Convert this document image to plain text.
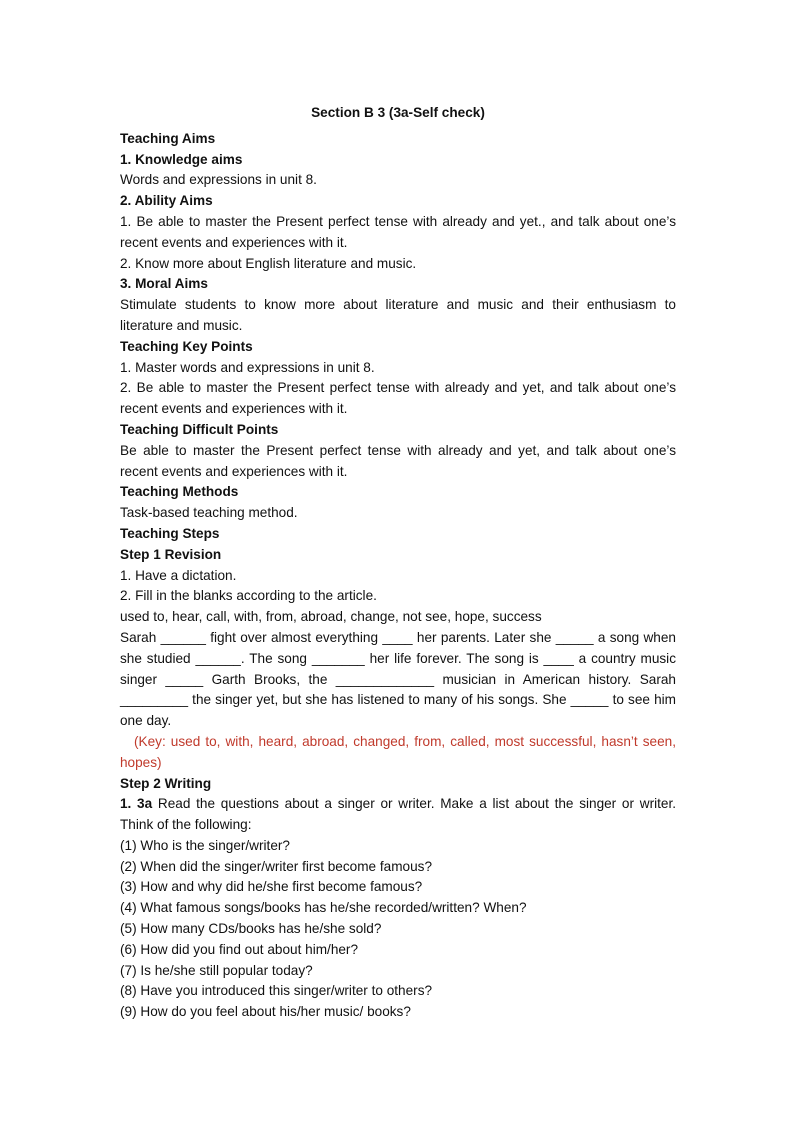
Section B 3 (3a-Self check)
Teaching Aims
1. Knowledge aims
Words and expressions in unit 8.
2. Ability Aims
1. Be able to master the Present perfect tense with already and yet., and talk about one’s recent events and experiences with it.
2. Know more about English literature and music.
3. Moral Aims
Stimulate students to know more about literature and music and their enthusiasm to literature and music.
Teaching Key Points
1. Master words and expressions in unit 8.
2. Be able to master the Present perfect tense with already and yet, and talk about one’s recent events and experiences with it.
Teaching Difficult Points
Be able to master the Present perfect tense with already and yet, and talk about one’s recent events and experiences with it.
Teaching Methods
Task-based teaching method.
Teaching Steps
Step 1 Revision
1. Have a dictation.
2. Fill in the blanks according to the article.
used to, hear, call, with, from, abroad, change, not see, hope, success
Sarah ______ fight over almost everything ____ her parents. Later she _____ a song when she studied ______. The song _______ her life forever. The song is ____ a country music singer _____ Garth Brooks, the _____________ musician in American history. Sarah _________ the singer yet, but she has listened to many of his songs. She _____ to see him one day.
(Key: used to, with, heard, abroad, changed, from, called, most successful, hasn’t seen, hopes)
Step 2 Writing
1. 3a Read the questions about a singer or writer. Make a list about the singer or writer. Think of the following:
(1) Who is the singer/writer?
(2) When did the singer/writer first become famous?
(3) How and why did he/she first become famous?
(4) What famous songs/books has he/she recorded/written? When?
(5) How many CDs/books has he/she sold?
(6) How did you find out about him/her?
(7) Is he/she still popular today?
(8) Have you introduced this singer/writer to others?
(9) How do you feel about his/her music/ books?
